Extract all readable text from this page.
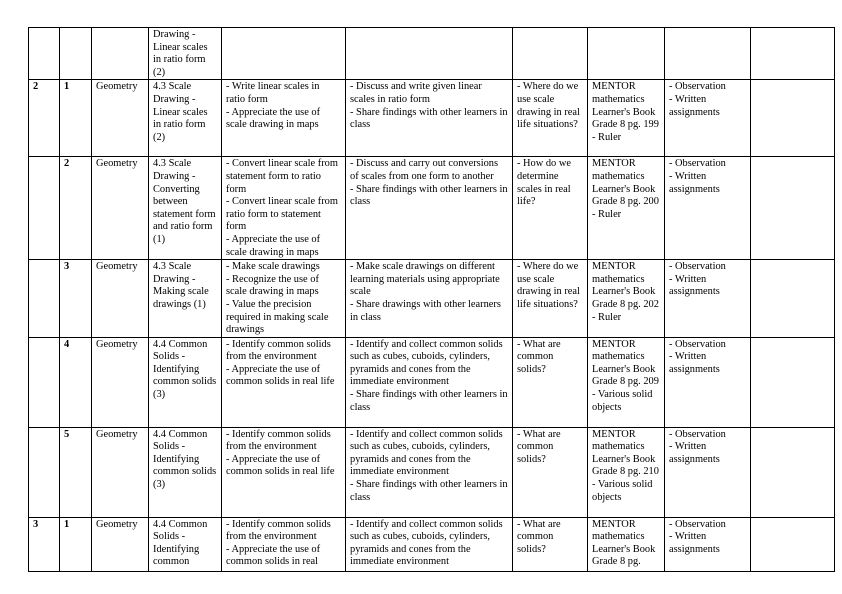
			Drawing - Linear scales in ratio form (2)						
2	1	Geometry	4.3 Scale Drawing - Linear scales in ratio form (2)	- Write linear scales in ratio form
- Appreciate the use of scale drawing in maps	- Discuss and write given linear scales in ratio form
- Share findings with other learners in class	- Where do we use scale drawing in real life situations?	MENTOR mathematics Learner's Book Grade 8 pg. 199
- Ruler	- Observation
- Written assignments	

	2	Geometry	4.3 Scale Drawing - Converting between statement form and ratio form (1)	- Convert linear scale from statement form to ratio form
- Convert linear scale from ratio form to statement form
- Appreciate the use of scale drawing in maps	- Discuss and carry out conversions of scales from one form to another
- Share findings with other learners in class	- How do we determine scales in real life?	MENTOR mathematics Learner's Book Grade 8 pg. 200
- Ruler	- Observation
- Written assignments	

	3	Geometry	4.3 Scale Drawing - Making scale drawings (1)	- Make scale drawings
- Recognize the use of scale drawing in maps
- Value the precision required in making scale drawings	- Make scale drawings on different learning materials using appropriate scale
- Share drawings with other learners in class	- Where do we use scale drawing in real life situations?	MENTOR mathematics Learner's Book Grade 8 pg. 202
- Ruler	- Observation
- Written assignments	

	4	Geometry	4.4 Common Solids - Identifying common solids (3)	- Identify common solids from the environment
- Appreciate the use of common solids in real life	- Identify and collect common solids such as cubes, cuboids, cylinders, pyramids and cones from the immediate environment
- Share findings with other learners in class	- What are common solids?	MENTOR mathematics Learner's Book Grade 8 pg. 209
- Various solid objects	- Observation
- Written assignments	

	5	Geometry	4.4 Common Solids - Identifying common solids (3)	- Identify common solids from the environment
- Appreciate the use of common solids in real life	- Identify and collect common solids such as cubes, cuboids, cylinders, pyramids and cones from the immediate environment
- Share findings with other learners in class	- What are common solids?	MENTOR mathematics Learner's Book Grade 8 pg. 210
- Various solid objects	- Observation
- Written assignments	

3	1	Geometry	4.4 Common Solids - Identifying common	- Identify common solids from the environment
- Appreciate the use of common solids in real	- Identify and collect common solids such as cubes, cuboids, cylinders, pyramids and cones from the immediate environment	- What are common solids?	MENTOR mathematics Learner's Book Grade 8 pg.	- Observation
- Written assignments	
